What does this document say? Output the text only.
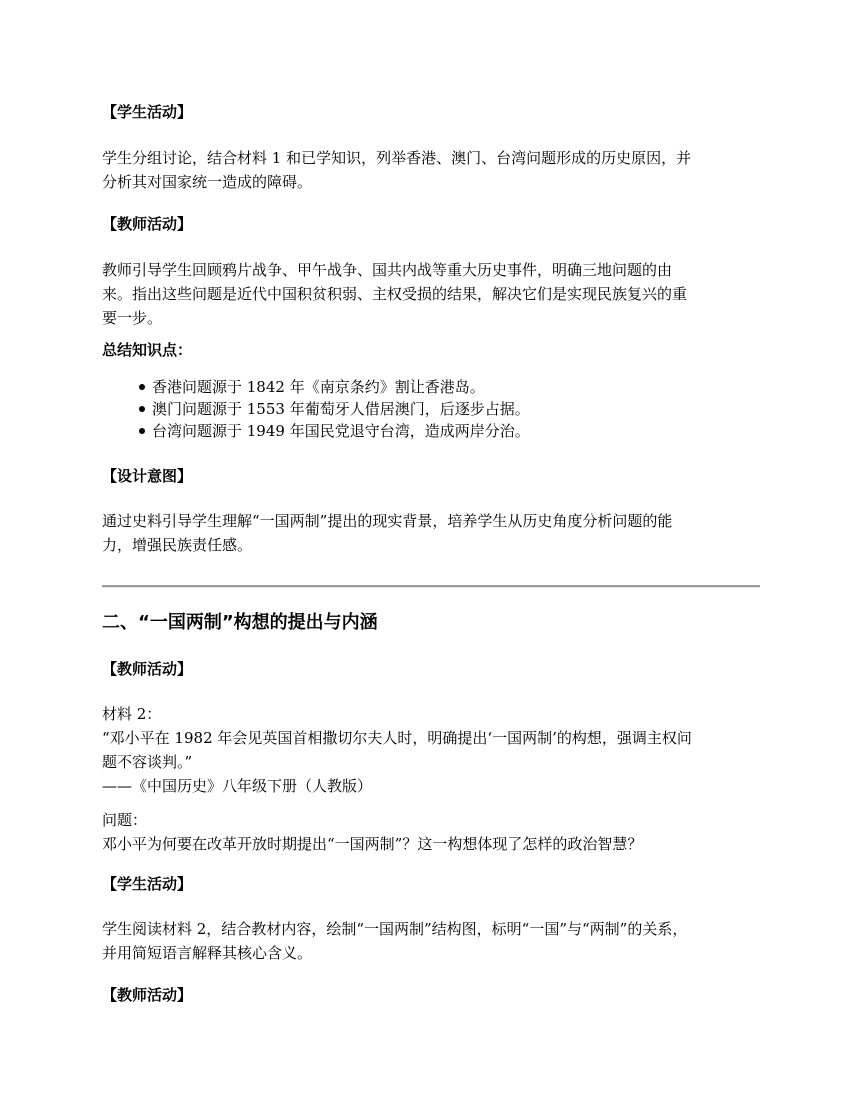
【学生活动】
学生分组讨论，结合材料 1 和已学知识，列举香港、澳门、台湾问题形成的历史原因，并
分析其对国家统一造成的障碍。
【教师活动】
教师引导学生回顾鸦片战争、甲午战争、国共内战等重大历史事件，明确三地问题的由
来。指出这些问题是近代中国积贫积弱、主权受损的结果，解决它们是实现民族复兴的重
要一步。
总结知识点：
香港问题源于 1842 年《南京条约》割让香港岛。
澳门问题源于 1553 年葡萄牙人借居澳门，后逐步占据。
台湾问题源于 1949 年国民党退守台湾，造成两岸分治。
【设计意图】
通过史料引导学生理解“一国两制”提出的现实背景，培养学生从历史角度分析问题的能
力，增强民族责任感。
二、“一国两制”构想的提出与内涵
【教师活动】
材料 2：
“邓小平在 1982 年会见英国首相撒切尔夫人时，明确提出‘一国两制’的构想，强调主权问
题不容谈判。”
——《中国历史》八年级下册（人教版）
问题：
邓小平为何要在改革开放时期提出“一国两制”？这一构想体现了怎样的政治智慧？
【学生活动】
学生阅读材料 2，结合教材内容，绘制“一国两制”结构图，标明“一国”与“两制”的关系，
并用简短语言解释其核心含义。
【教师活动】
